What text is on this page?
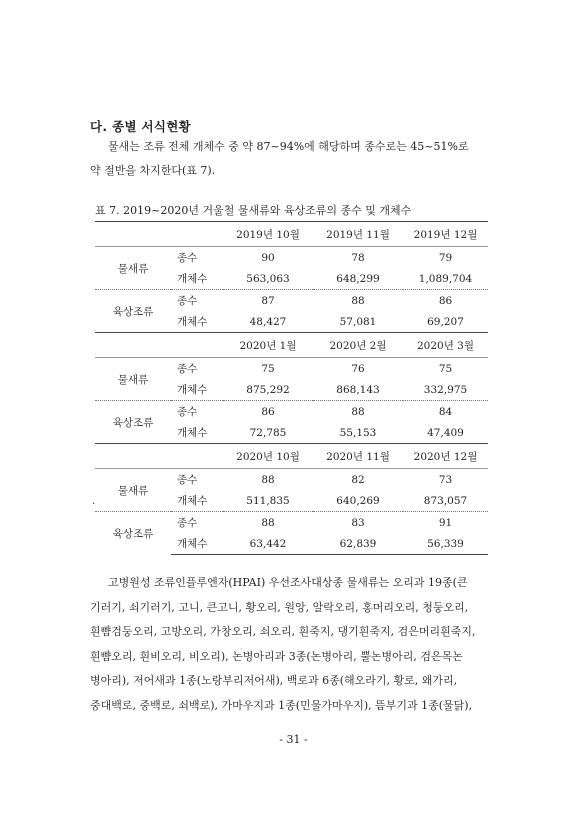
다. 종별 서식현황
물새는 조류 전체 개체수 중 약 87~94%에 해당하며 종수로는 45~51%로
약 절반을 차지한다(표 7).
표 7. 2019~2020년 거울철 물새류와 육상조류의 종수 및 개체수
		2019년 10월	2019년 11월	2019년 12월
물새류	종수	90	78	79
	개체수	563,063	648,299	1,089,704
육상조류	종수	87	88	86
	개체수	48,427	57,081	69,207
		2020년 1월	2020년 2월	2020년 3월
물새류	종수	75	76	75
	개체수	875,292	868,143	332,975
육상조류	종수	86	88	84
	개체수	72,785	55,153	47,409
		2020년 10월	2020년 11월	2020년 12월
물새류	종수	88	82	73
	개체수	511,835	640,269	873,057
육상조류	종수	88	83	91
	개체수	63,442	62,839	56,339
.
고병원성 조류인플루엔자(HPAI) 우선조사대상종 물새류는 오리과 19종(큰
기러기, 쇠기러기, 고니, 큰고니, 황오리, 원앙, 알락오리, 홍머리오리, 청둥오리,
흰뺨검둥오리, 고방오리, 가창오리, 쇠오리, 흰죽지, 댕기흰죽지, 검은머리흰죽지,
흰뺨오리, 흰비오리, 비오리), 논병아리과 3종(논병아리, 뿔논병아리, 검은목논
병아리), 저어새과 1종(노랑부리저어새), 백로과 6종(해오라기, 황로, 왜가리,
중대백로, 중백로, 쇠백로), 가마우지과 1종(민물가마우지), 뜸부기과 1종(물닭),
- 31 -
